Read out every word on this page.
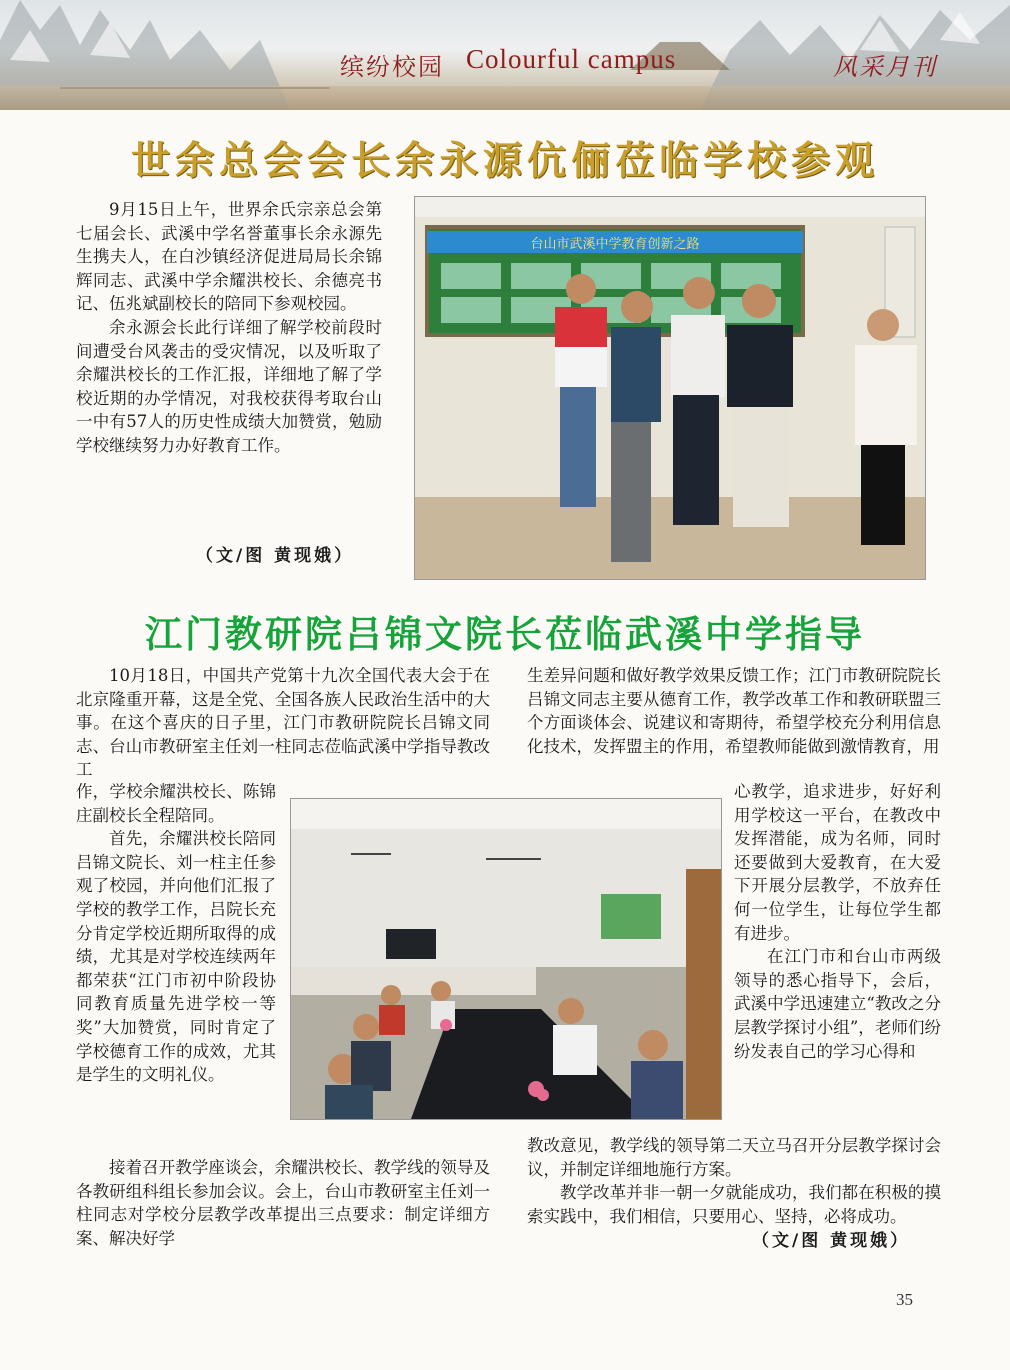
缤纷校园 Colourful campus	风采月刊
世余总会会长余永源伉俪莅临学校参观

9月15日上午，世界余氏宗亲总会第七届会长、武溪中学名誉董事长余永源先生携夫人，在白沙镇经济促进局局长余锦辉同志、武溪中学余耀洪校长、余德亮书记、伍兆斌副校长的陪同下参观校园。

余永源会长此行详细了解学校前段时间遭受台风袭击的受灾情况，以及听取了余耀洪校长的工作汇报，详细地了解了学校近期的办学情况，对我校获得考取台山一中有57人的历史性成绩大加赞赏，勉励学校继续努力办好教育工作。

（文/图 黄现娥）
台山市武溪中学教育创新之路
江门教研院吕锦文院长莅临武溪中学指导

10月18日，中国共产党第十九次全国代表大会于在北京隆重开幕，这是全党、全国各族人民政治生活中的大事。在这个喜庆的日子里，江门市教研院院长吕锦文同志、台山市教研室主任刘一柱同志莅临武溪中学指导教改工

作，学校余耀洪校长、陈锦庄副校长全程陪同。

首先，余耀洪校长陪同吕锦文院长、刘一柱主任参观了校园，并向他们汇报了学校的教学工作，吕院长充分肯定学校近期所取得的成绩，尤其是对学校连续两年都荣获“江门市初中阶段协同教育质量先进学校一等奖”大加赞赏，同时肯定了学校德育工作的成效，尤其是学生的文明礼仪。

接着召开教学座谈会，余耀洪校长、教学线的领导及各教研组科组长参加会议。会上，台山市教研室主任刘一柱同志对学校分层教学改革提出三点要求：制定详细方案、解决好学

生差异问题和做好教学效果反馈工作；江门市教研院院长吕锦文同志主要从德育工作，教学改革工作和教研联盟三个方面谈体会、说建议和寄期待，希望学校充分利用信息化技术，发挥盟主的作用，希望教师能做到激情教育，用

心教学，追求进步，好好利用学校这一平台，在教改中发挥潜能，成为名师，同时还要做到大爱教育，在大爱下开展分层教学，不放弃任何一位学生，让每位学生都有进步。

在江门市和台山市两级领导的悉心指导下，会后，武溪中学迅速建立“教改之分层教学探讨小组”，老师们纷纷发表自己的学习心得和

教改意见，教学线的领导第二天立马召开分层教学探讨会议，并制定详细地施行方案。

教学改革并非一朝一夕就能成功，我们都在积极的摸索实践中，我们相信，只要用心、坚持，必将成功。

（文/图 黄现娥）
35
